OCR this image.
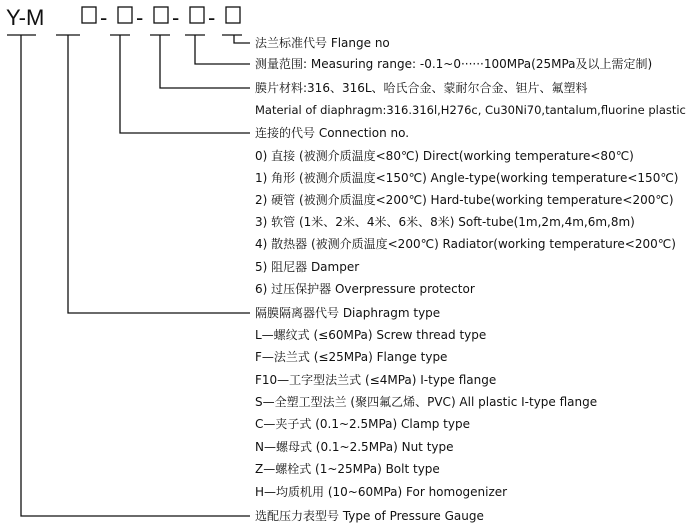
Y-M	- - - -
法兰标准代号 Flange no
测量范围: Measuring range: -0.1~0······100MPa(25MPa及以上需定制)
膜片材料:316、316L、哈氏合金、蒙耐尔合金、钽片、氟塑料
Material of diaphragm:316.316l,H276c, Cu30Ni70,tantalum,fluorine plastic
连接的代号 Connection no.
0) 直接 (被测介质温度<80℃) Direct(working temperature<80℃)
1) 角形 (被测介质温度<150℃) Angle-type(working temperature<150℃)
2) 硬管 (被测介质温度<200℃) Hard-tube(working temperature<200℃)
3) 软管 (1米、2米、4米、6米、8米) Soft-tube(1m,2m,4m,6m,8m)
4) 散热器 (被测介质温度<200℃) Radiator(working temperature<200℃)
5) 阻尼器 Damper
6) 过压保护器 Overpressure protector
隔膜隔离器代号 Diaphragm type
L—螺纹式 (≤60MPa) Screw thread type
F—法兰式 (≤25MPa) Flange type
F10—工字型法兰式 (≤4MPa) I-type flange
S—全塑工型法兰 (聚四氟乙烯、PVC) All plastic I-type flange
C—夹子式 (0.1~2.5MPa) Clamp type
N—螺母式 (0.1~2.5MPa) Nut type
Z—螺栓式 (1~25MPa) Bolt type
H—均质机用 (10~60MPa) For homogenizer
选配压力表型号 Type of Pressure Gauge
